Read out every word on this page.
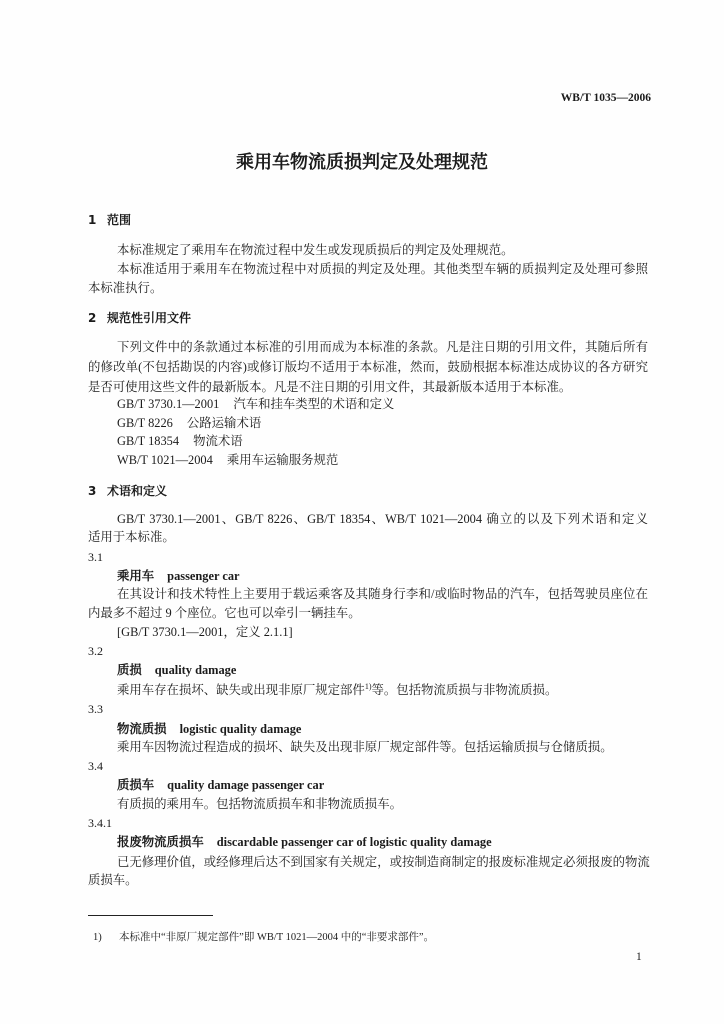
WB/T 1035—2006
乘用车物流质损判定及处理规范
1 范围
本标准规定了乘用车在物流过程中发生或发现质损后的判定及处理规范。
本标准适用于乘用车在物流过程中对质损的判定及处理。其他类型车辆的质损判定及处理可参照
本标准执行。
2 规范性引用文件
下列文件中的条款通过本标准的引用而成为本标准的条款。凡是注日期的引用文件，其随后所有
的修改单(不包括勘误的内容)或修订版均不适用于本标准，然而，鼓励根据本标准达成协议的各方研究
是否可使用这些文件的最新版本。凡是不注日期的引用文件，其最新版本适用于本标准。
GB/T 3730.1—2001 汽车和挂车类型的术语和定义
GB/T 8226 公路运输术语
GB/T 18354 物流术语
WB/T 1021—2004 乘用车运输服务规范
3 术语和定义
GB/T 3730.1—2001、GB/T 8226、GB/T 18354、WB/T 1021—2004 确立的以及下列术语和定义
适用于本标准。
3.1
乘用车 passenger car
在其设计和技术特性上主要用于载运乘客及其随身行李和/或临时物品的汽车，包括驾驶员座位在
内最多不超过 9 个座位。它也可以牵引一辆挂车。
[GB/T 3730.1—2001，定义 2.1.1]
3.2
质损 quality damage
乘用车存在损坏、缺失或出现非原厂规定部件$^{1)}$等。包括物流质损与非物流质损。
3.3
物流质损 logistic quality damage
乘用车因物流过程造成的损坏、缺失及出现非原厂规定部件等。包括运输质损与仓储质损。
3.4
质损车 quality damage passenger car
有质损的乘用车。包括物流质损车和非物流质损车。
3.4.1
报废物流质损车 discardable passenger car of logistic quality damage
已无修理价值，或经修理后达不到国家有关规定，或按制造商制定的报废标准规定必须报废的物流
质损车。
1) 本标准中“非原厂规定部件”即 WB/T 1021—2004 中的“非要求部件”。
1
